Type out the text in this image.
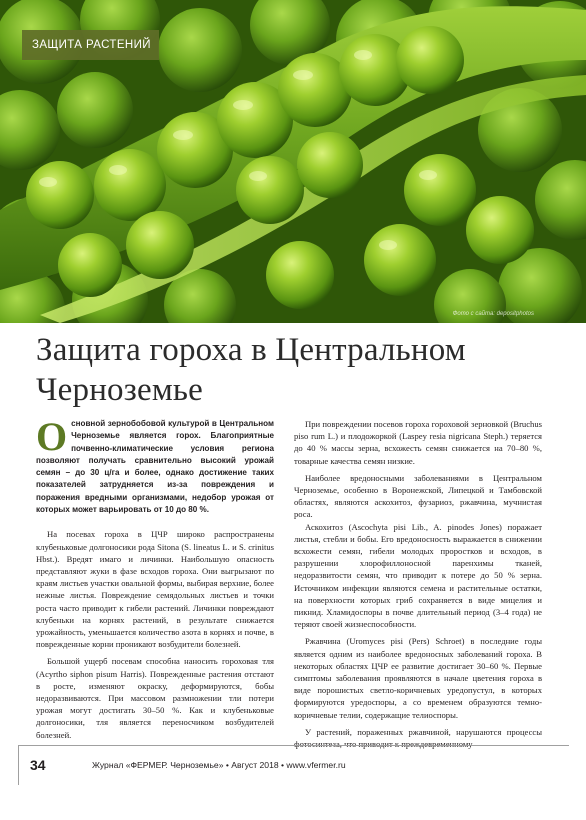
ЗАЩИТА РАСТЕНИЙ
Фото с сайта: depositphotos
Защита гороха в Центральном
Черноземье

Основной зернобобовой культурой в Центральном Черноземье является горох. Благоприятные почвенно-климатические условия региона позволяют получать сравнительно высокий урожай семян – до 30 ц/га и более, однако достижение таких показателей затрудняется из-за повреждения и поражения вредными организмами, недобор урожая от которых может варьировать от 10 до 80 %.

На посевах гороха в ЦЧР широко распространены клубеньковые долгоносики рода Sitona (S. lineatus L. и S. crinitus Hbst.). Вредят имаго и личинки. Наибольшую опасность представляют жуки в фазе всходов гороха. Они выгрызают по краям листьев участки овальной формы, выбирая верхние, более нежные листья. Повреждение семядольных листьев и точки роста часто приводит к гибели растений. Личинки повреждают клубеньки на корнях растений, в результате снижается урожайность, уменьшается количество азота в корнях и почве, в поврежденные корни проникают возбудители болезней.

Большой ущерб посевам способна наносить гороховая тля (Acyrtho siphon pisum Harris). Поврежденные растения отстают в росте, изменяют окраску, деформируются, бобы недоразвиваются. При массовом размножении тли потери урожая могут достигать 30–50 %. Как и клубеньковые долгоносики, тля является переносчиком возбудителей болезней.

При повреждении посевов гороха гороховой зерновкой (Bruchus piso rum L.) и плодожоркой (Laspey resia nigricana Steph.) теряется до 40 % массы зерна, всхожесть семян снижается на 70–80 %, товарные качества семян низкие.

Наиболее вредоносными заболеваниями в Центральном Черноземье, особенно в Воронежской, Липецкой и Тамбовской областях, являются аскохитоз, фузариоз, ржавчина, мучнистая роса.

Аскохитоз (Ascochyta pisi Lib., A. pinodes Jones) поражает листья, стебли и бобы. Его вредоносность выражается в снижении всхожести семян, гибели молодых проростков и всходов, в разрушении хлорофиллоносной паренхимы тканей, недоразвитости семян, что приводит к потере до 50 % зерна. Источником инфекции являются семена и растительные остатки, на поверхности которых гриб сохраняется в виде мицелия и пикнид. Хламидоспоры в почве длительный период (3–4 года) не теряют своей жизнеспособности.

Ржавчина (Uromyces pisi (Pers) Schroet) в последние годы является одним из наиболее вредоносных заболеваний гороха. В некоторых областях ЦЧР ее развитие достигает 30–60 %. Первые симптомы заболевания проявляются в начале цветения гороха в виде порошистых светло-коричневых уредопустул, в которых формируются уредоспоры, а со временем образуются темно-коричневые телии, содержащие телиоспоры.

У растений, пораженных ржавчиной, нарушаются процессы

34	Журнал «ФЕРМЕР. Черноземье» • Август 2018 • www.vfermer.ru
